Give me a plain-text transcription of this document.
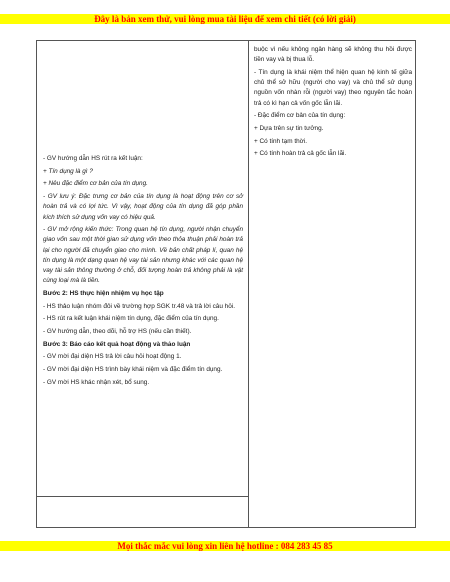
Đây là bản xem thử, vui lòng mua tài liệu để xem chi tiết (có lời giải)

- GV hướng dẫn HS rút ra kết luận:

+ Tín dụng là gì ?

+ Nêu đặc điểm cơ bản của tín dụng.

- GV lưu ý: Đặc trưng cơ bản của tín dụng là hoạt động trên cơ sở hoàn trả và có lợi tức. Vì vậy, hoạt động của tín dụng đã góp phần kích thích sử dụng vốn vay có hiệu quả.

- GV mở rộng kiến thức: Trong quan hệ tín dụng, người nhận chuyển giao vốn sau một thời gian sử dụng vốn theo thỏa thuận phải hoàn trả lại cho người đã chuyển giao cho mình. Về bản chất pháp lí, quan hệ tín dụng là một dạng quan hệ vay tài sản nhưng khác với các quan hệ vay tài sản thông thường ở chỗ, đối tượng hoàn trả không phải là vật cùng loại mà là tiền.

Bước 2: HS thực hiện nhiệm vụ học tập

- HS thảo luận nhóm đôi về trường hợp SGK tr.48 và trả lời câu hỏi.

- HS rút ra kết luận khái niệm tín dụng, đặc điểm của tín dụng.

- GV hướng dẫn, theo dõi, hỗ trợ HS (nếu cần thiết).

Bước 3: Báo cáo kết quả hoạt động và thảo luận

- GV mời đại diện HS trả lời câu hỏi hoạt động 1.

- GV mời đại diện HS trình bày khái niệm và đặc điểm tín dụng.

- GV mời HS khác nhận xét, bổ sung.

buộc vì nếu không ngân hàng sẽ không thu hồi được tiền vay và bị thua lỗ.

- Tín dụng là khái niệm thể hiện quan hệ kinh tế giữa chủ thể sở hữu (người cho vay) và chủ thể sử dụng nguồn vốn nhàn rỗi (người vay) theo nguyên tắc hoàn trả có kì hạn cả vốn gốc lẫn lãi.

- Đặc điểm cơ bản của tín dụng:

+ Dựa trên sự tin tưởng.

+ Có tính tạm thời.

+ Có tính hoàn trả cả gốc lẫn lãi.

Mọi thắc mắc vui lòng xin liên hệ hotline : 084 283 45 85
